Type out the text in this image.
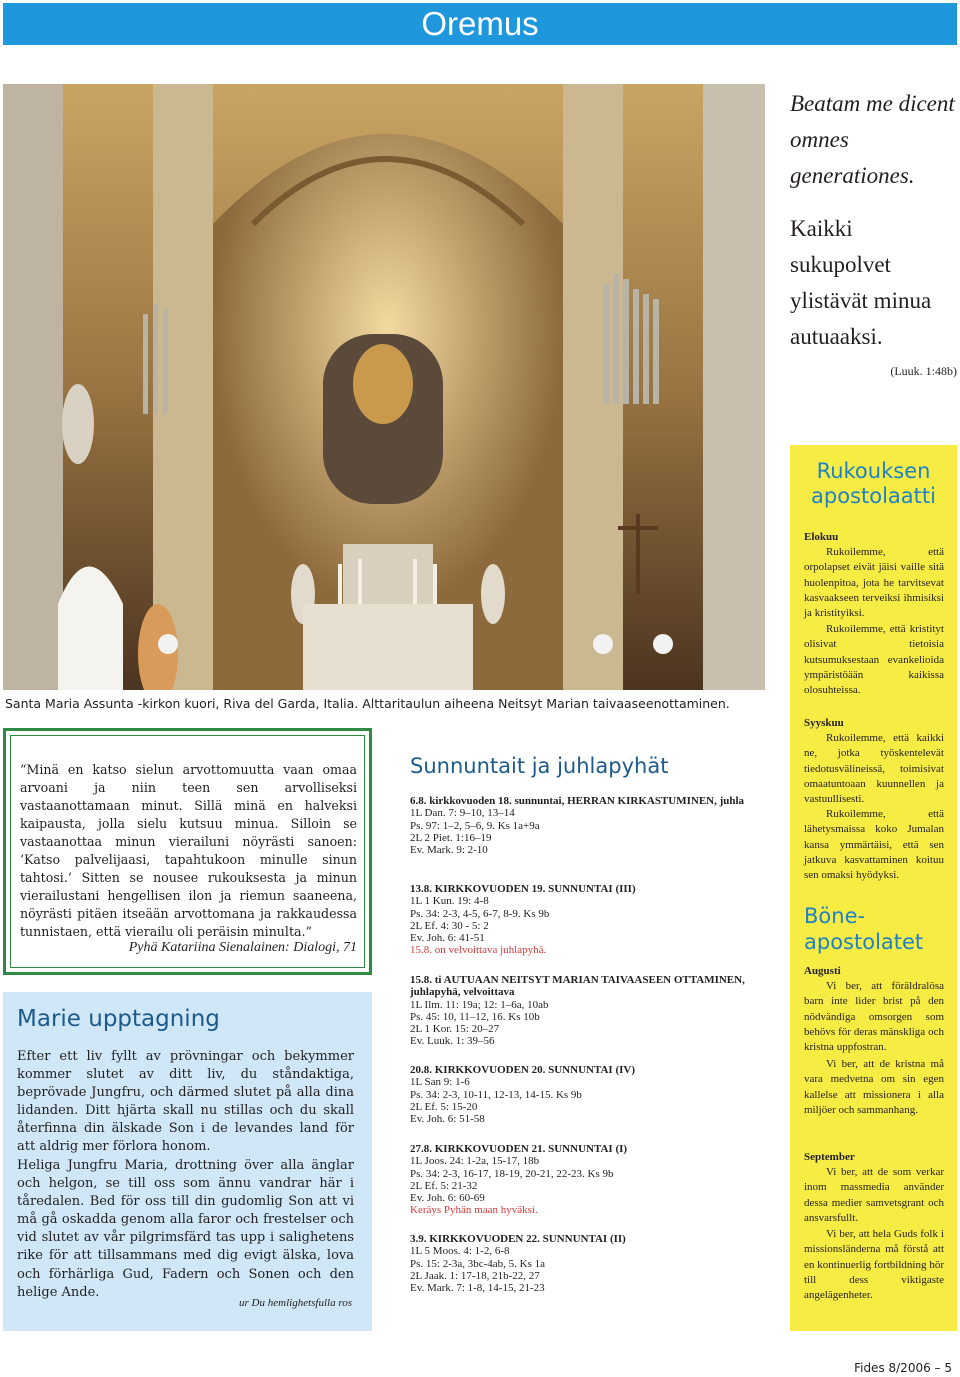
Oremus
Santa Maria Assunta -kirkon kuori, Riva del Garda, Italia. Alttaritaulun aiheena Neitsyt Marian taivaaseenottaminen.
Beatam me dicent omnes generationes.
Kaikki sukupolvet ylistävät minua autuaaksi.
(Luuk. 1:48b)
Rukouksen apostolaatti
Elokuu
Rukoilemme, että orpolapset eivät jäisi vaille sitä huolenpitoa, jota he tarvitsevat kasvaakseen terveiksi ihmisiksi ja kristityiksi.
Rukoilemme, että kristityt olisivat tietoisia kutsumuksestaan evankelioida ympäristöään kaikissa olosuhteissa.
Syyskuu
Rukoilemme, että kaikki ne, jotka työskentelevät tiedotusvälineissä, toimisivat omaatuntoaan kuunnellen ja vastuullisesti.
Rukoilemme, että lähetysmaissa koko Jumalan kansa ymmärtäisi, että sen jatkuva kasvattaminen koituu sen omaksi hyödyksi.
Böne-apostolatet
Augusti
Vi ber, att föräldralösa barn inte lider brist på den nödvändiga omsorgen som behövs för deras mänskliga och kristna uppfostran.
Vi ber, att de kristna må vara medvetna om sin egen kallelse att missionera i alla miljöer och sammanhang.
September
Vi ber, att de som verkar inom massmedia använder dessa medier samvetsgrant och ansvarsfullt.
Vi ber, att hela Guds folk i missionsländerna må förstå att en kontinuerlig fortbildning hör till dess viktigaste angelägenheter.
“Minä en katso sielun arvottomuutta vaan omaa arvoani ja niin teen sen arvolliseksi vastaanottamaan minut. Sillä minä en halveksi kaipausta, jolla sielu kutsuu minua. Silloin se vastaanottaa minun vierailuni nöyrästi sanoen: ‘Katso palvelijaasi, tapahtukoon minulle sinun tahtosi.’ Sitten se nousee rukouksesta ja minun vierailustani hengellisen ilon ja riemun saaneena, nöyrästi pitäen itseään arvottomana ja rakkaudessa tunnistaen, että vierailu oli peräisin minulta.”
Pyhä Katariina Sienalainen: Dialogi, 71
Marie upptagning
Efter ett liv fyllt av prövningar och bekymmer kommer slutet av ditt liv, du ståndaktiga, beprövade Jungfru, och därmed slutet på alla dina lidanden. Ditt hjärta skall nu stillas och du skall återfinna din älskade Son i de levandes land för att aldrig mer förlora honom.
Heliga Jungfru Maria, drottning över alla änglar och helgon, se till oss som ännu vandrar här i tåredalen. Bed för oss till din gudomlig Son att vi må gå oskadda genom alla faror och frestelser och vid slutet av vår pilgrimsfärd tas upp i salighetens rike för att tillsammans med dig evigt älska, lova och förhärliga Gud, Fadern och Sonen och den helige Ande.
ur Du hemlighetsfulla ros
Sunnuntait ja juhlapyhät
6.8. kirkkovuoden 18. sunnuntai, HERRAN KIRKASTUMINEN, juhla
1L Dan. 7: 9–10, 13–14
Ps. 97: 1–2, 5–6, 9. Ks 1a+9a
2L 2 Piet. 1:16–19
Ev. Mark. 9: 2-10
13.8. KIRKKOVUODEN 19. SUNNUNTAI (III)
1L 1 Kun. 19: 4-8
Ps. 34: 2-3, 4-5, 6-7, 8-9. Ks 9b
2L Ef. 4: 30 - 5: 2
Ev. Joh. 6: 41-51
15.8. on velvoittava juhlapyhä.
15.8. ti AUTUAAN NEITSYT MARIAN TAIVAASEEN OTTAMINEN, juhlapyhä, velvoittava
1L Ilm. 11: 19a; 12: 1–6a, 10ab
Ps. 45: 10, 11–12, 16. Ks 10b
2L 1 Kor. 15: 20–27
Ev. Luuk. 1: 39–56
20.8. KIRKKOVUODEN 20. SUNNUNTAI (IV)
1L San 9: 1-6
Ps. 34: 2-3, 10-11, 12-13, 14-15. Ks 9b
2L Ef. 5: 15-20
Ev. Joh. 6: 51-58
27.8. KIRKKOVUODEN 21. SUNNUNTAI (I)
1L Joos. 24: 1-2a, 15-17, 18b
Ps. 34: 2-3, 16-17, 18-19, 20-21, 22-23. Ks 9b
2L Ef. 5: 21-32
Ev. Joh. 6: 60-69
Keräys Pyhän maan hyväksi.
3.9. KIRKKOVUODEN 22. SUNNUNTAI (II)
1L 5 Moos. 4: 1-2, 6-8
Ps. 15: 2-3a, 3bc-4ab, 5. Ks 1a
2L Jaak. 1: 17-18, 21b-22, 27
Ev. Mark. 7: 1-8, 14-15, 21-23
Fides 8/2006 – 5
